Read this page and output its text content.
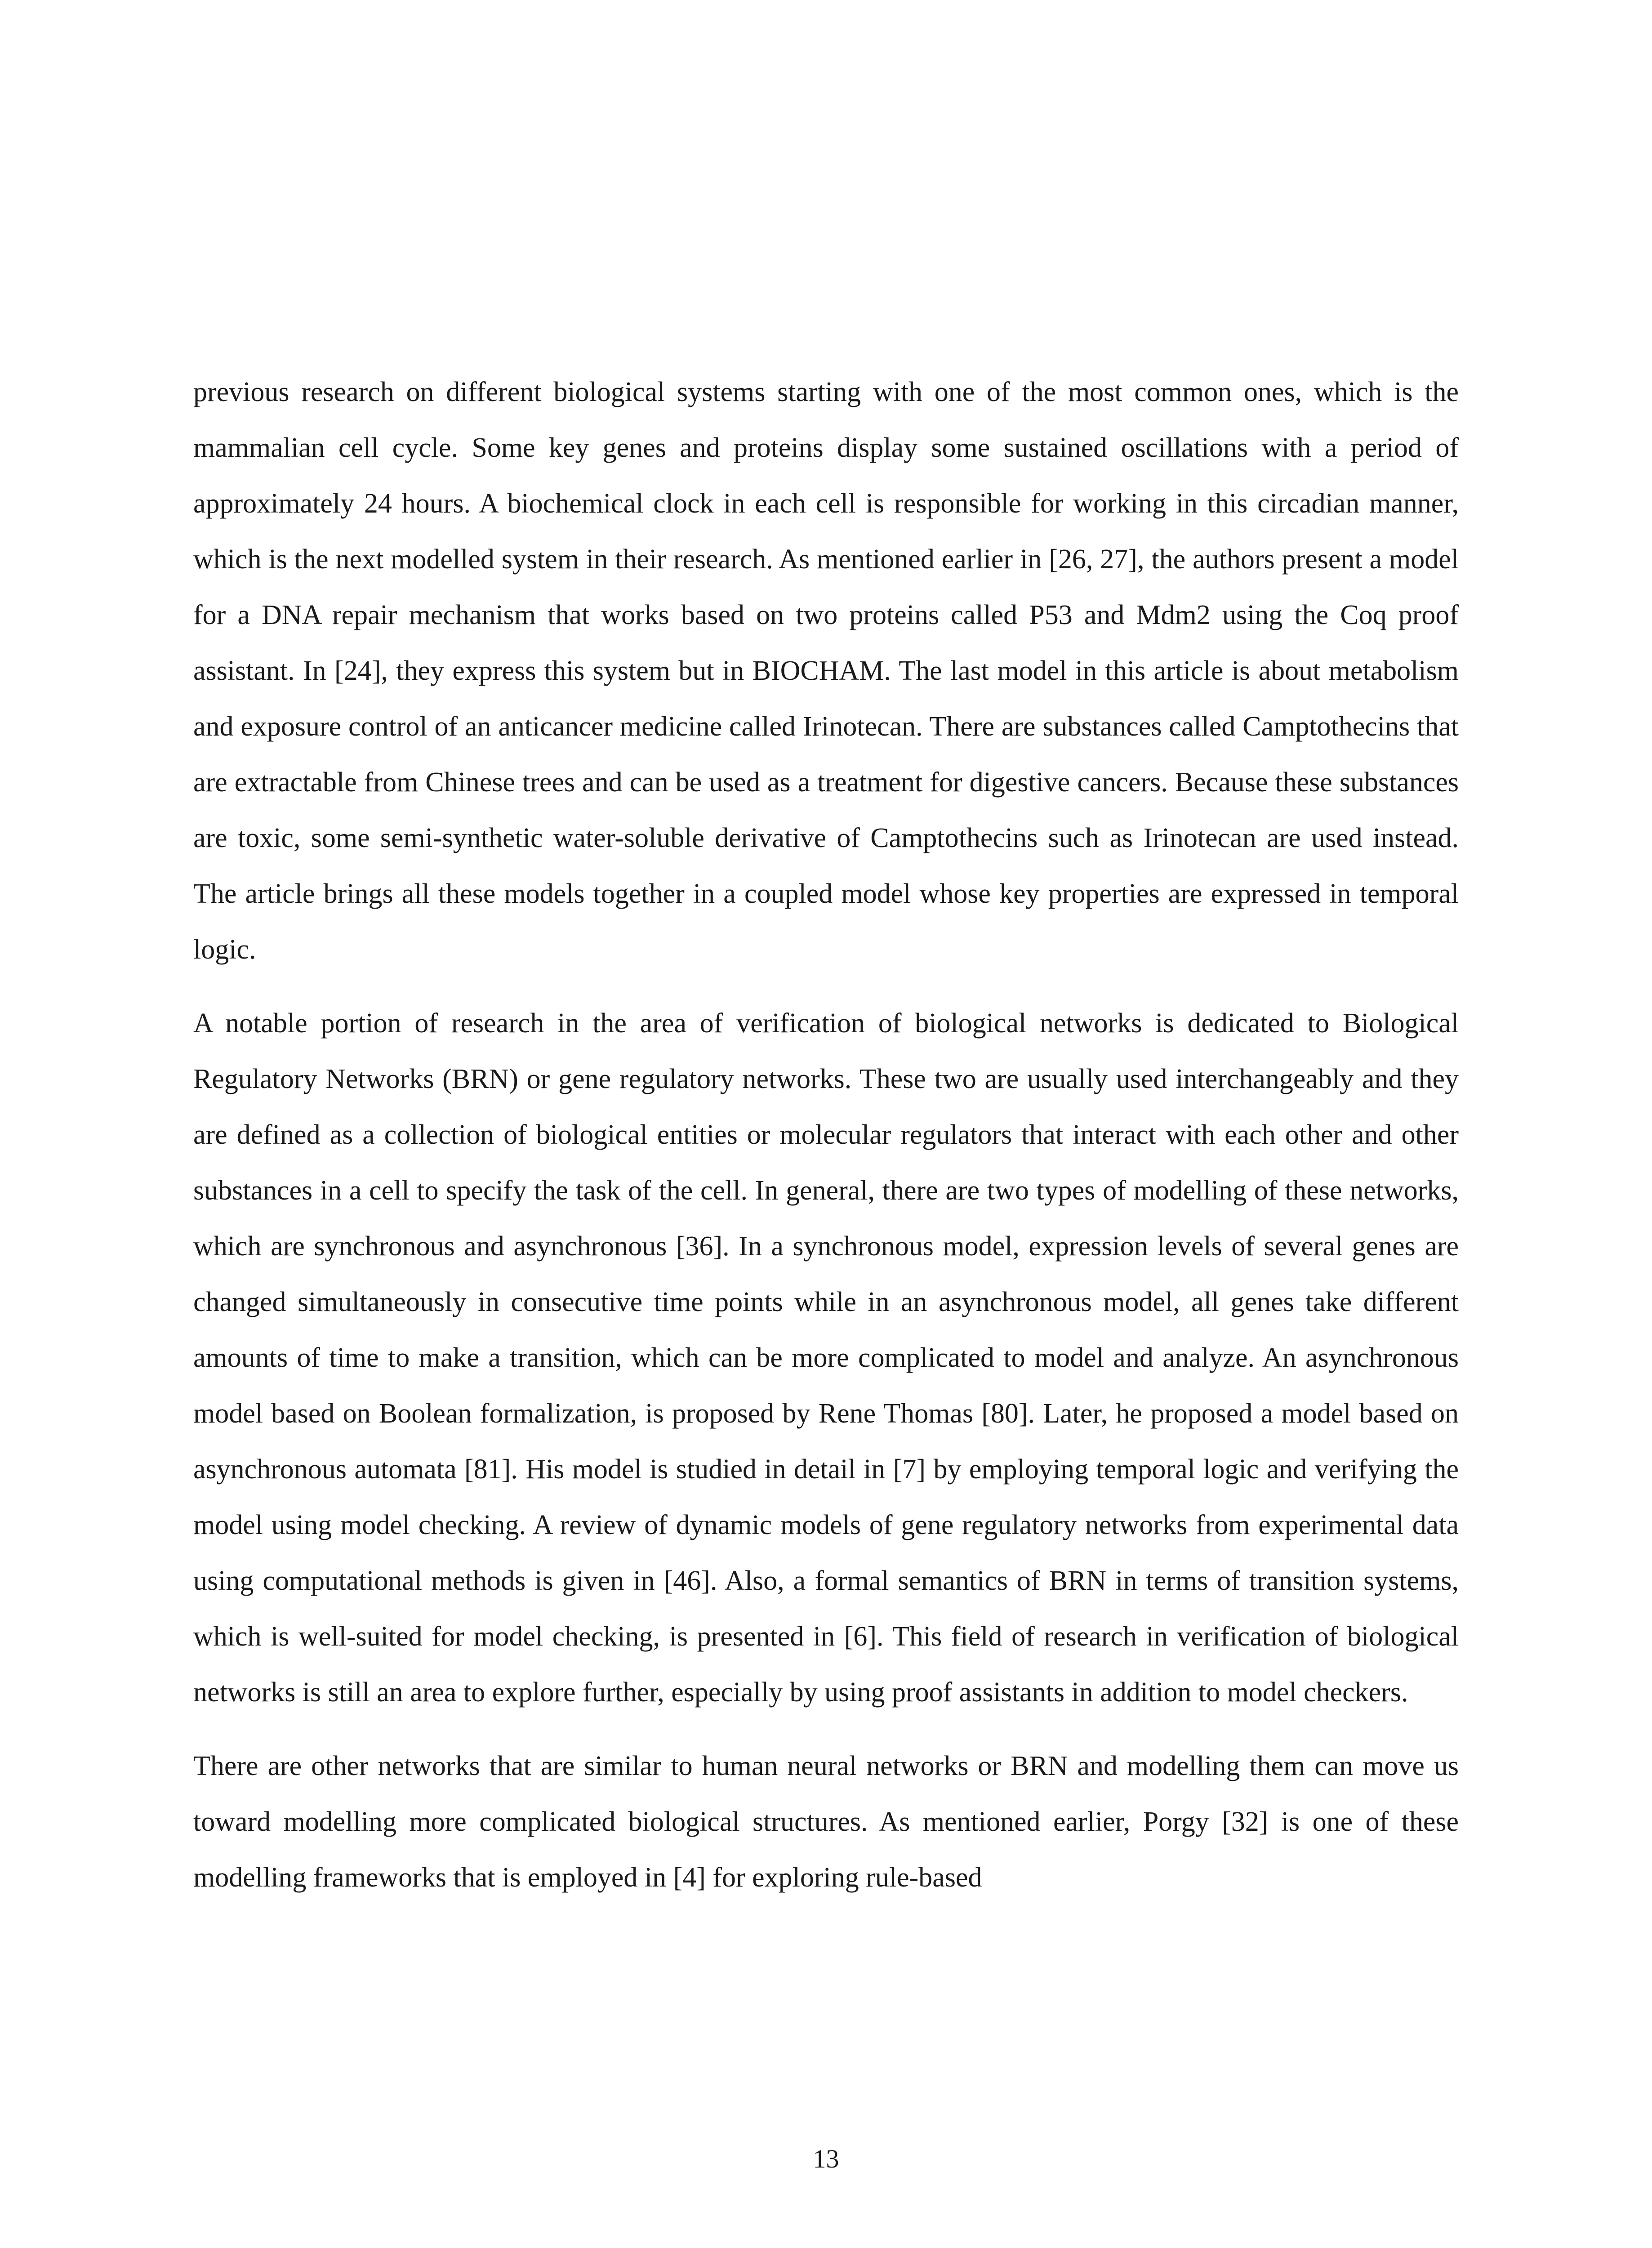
previous research on different biological systems starting with one of the most common ones, which is the mammalian cell cycle. Some key genes and proteins display some sustained oscillations with a period of approximately 24 hours. A biochemical clock in each cell is responsible for working in this circadian manner, which is the next modelled system in their research. As mentioned earlier in [26, 27], the authors present a model for a DNA repair mechanism that works based on two proteins called P53 and Mdm2 using the Coq proof assistant. In [24], they express this system but in BIOCHAM. The last model in this article is about metabolism and exposure control of an anticancer medicine called Irinotecan. There are substances called Camptothecins that are extractable from Chinese trees and can be used as a treatment for digestive cancers. Because these substances are toxic, some semi-synthetic water-soluble derivative of Camptothecins such as Irinotecan are used instead. The article brings all these models together in a coupled model whose key properties are expressed in temporal logic.

A notable portion of research in the area of verification of biological networks is dedicated to Biological Regulatory Networks (BRN) or gene regulatory networks. These two are usually used interchangeably and they are defined as a collection of biological entities or molecular regulators that interact with each other and other substances in a cell to specify the task of the cell. In general, there are two types of modelling of these networks, which are synchronous and asynchronous [36]. In a synchronous model, expression levels of several genes are changed simultaneously in consecutive time points while in an asynchronous model, all genes take different amounts of time to make a transition, which can be more complicated to model and analyze. An asynchronous model based on Boolean formalization, is proposed by Rene Thomas [80]. Later, he proposed a model based on asynchronous automata [81]. His model is studied in detail in [7] by employing temporal logic and verifying the model using model checking. A review of dynamic models of gene regulatory networks from experimental data using computational methods is given in [46]. Also, a formal semantics of BRN in terms of transition systems, which is well-suited for model checking, is presented in [6]. This field of research in verification of biological networks is still an area to explore further, especially by using proof assistants in addition to model checkers.

There are other networks that are similar to human neural networks or BRN and modelling them can move us toward modelling more complicated biological structures. As mentioned earlier, Porgy [32] is one of these modelling frameworks that is employed in [4] for exploring rule-based

13
